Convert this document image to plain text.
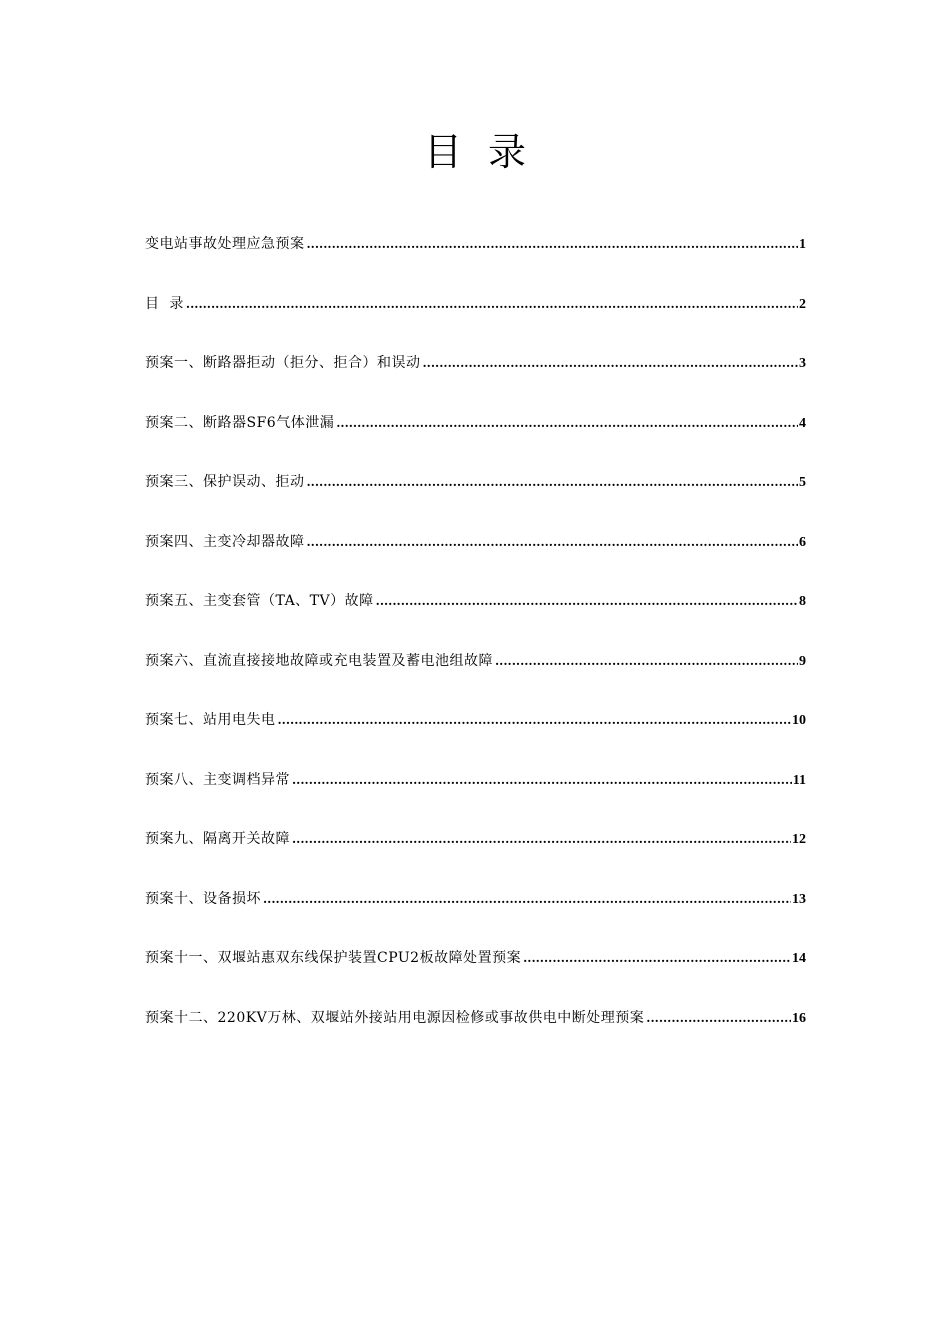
目录
变电站事故处理应急预案 .....	1
目  录 .....	2
预案一、断路器拒动（拒分、拒合）和误动 .....	3
预案二、断路器SF6气体泄漏 .....	4
预案三、保护误动、拒动 .....	5
预案四、主变冷却器故障 .....	6
预案五、主变套管（TA、TV）故障 .....	8
预案六、直流直接接地故障或充电装置及蓄电池组故障 .....	9
预案七、站用电失电 .....	10
预案八、主变调档异常 .....	11
预案九、隔离开关故障 .....	12
预案十、设备损坏 .....	13
预案十一、双堰站惠双东线保护装置CPU2板故障处置预案 .....	14
预案十二、220KV万林、双堰站外接站用电源因检修或事故供电中断处理预案 .....	16
